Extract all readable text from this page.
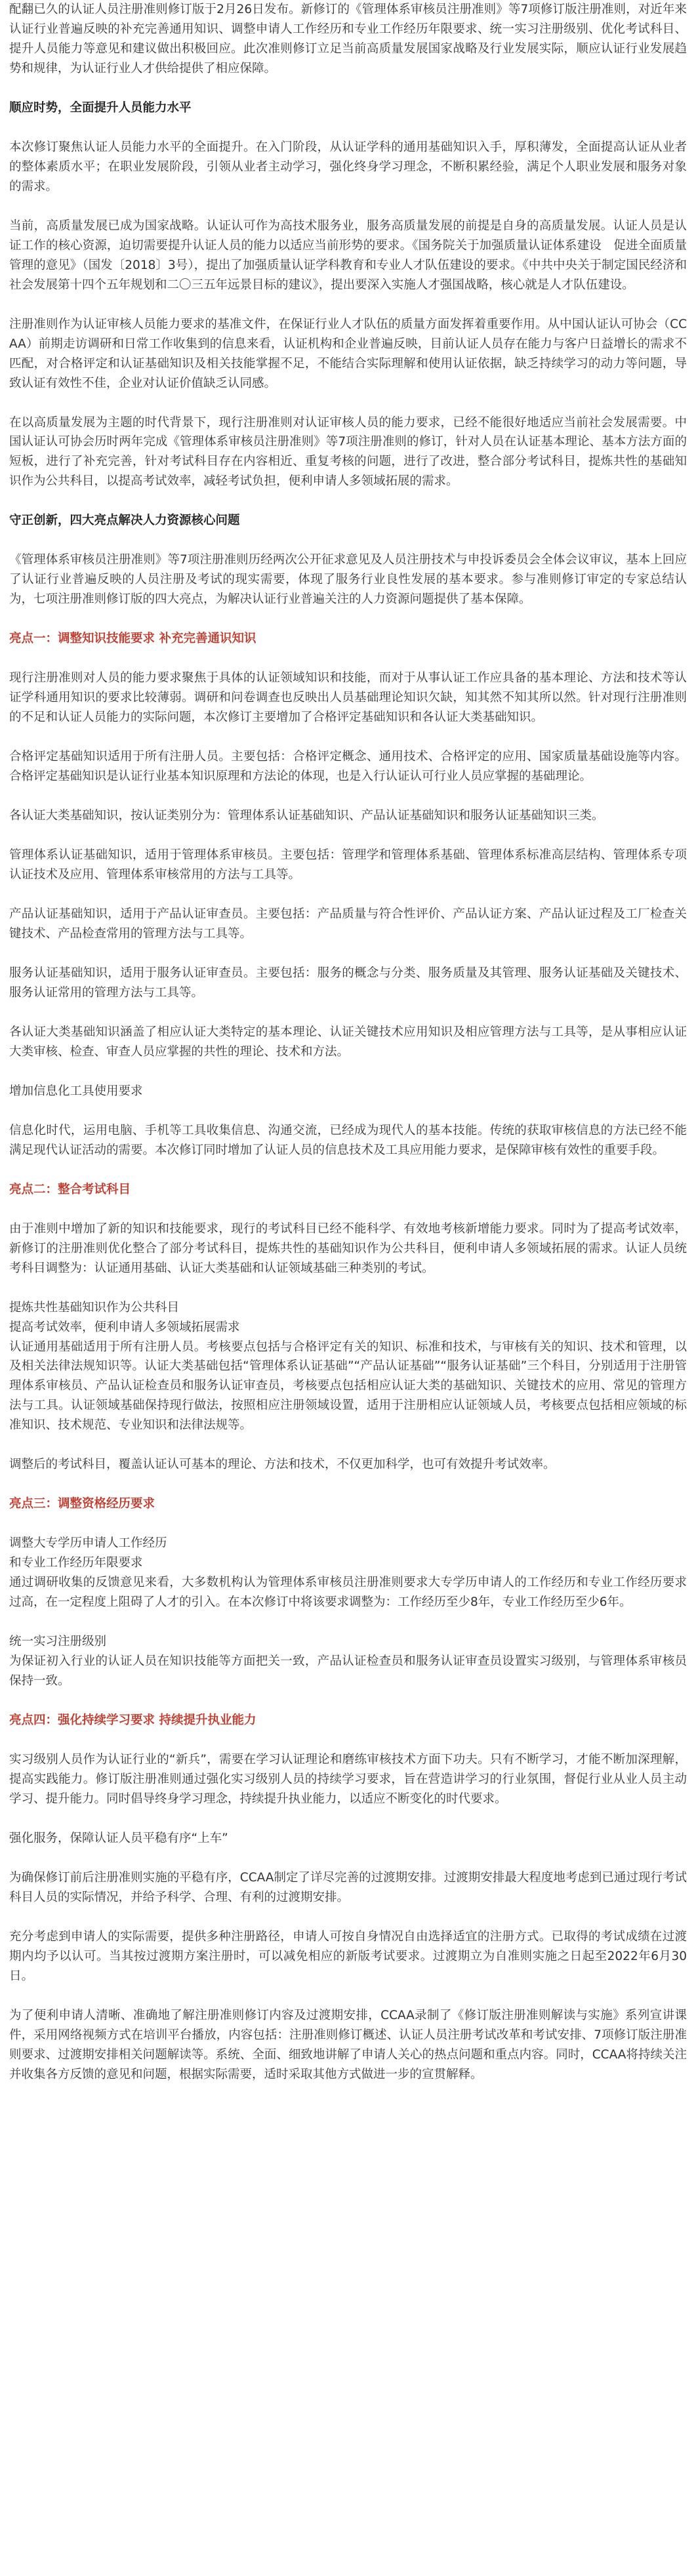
配翻已久的认证人员注册准则修订版于2月26日发布。新修订的《管理体系审核员注册准则》等7项修订版注册准则，对近年来认证行业普遍反映的补充完善通用知识、调整申请人工作经历和专业工作经历年限要求、统一实习注册级别、优化考试科目、提升人员能力等意见和建议做出积极回应。此次准则修订立足当前高质量发展国家战略及行业发展实际，顺应认证行业发展趋势和规律，为认证行业人才供给提供了相应保障。

顺应时势，全面提升人员能力水平

本次修订聚焦认证人员能力水平的全面提升。在入门阶段，从认证学科的通用基础知识入手，厚积薄发，全面提高认证从业者的整体素质水平；在职业发展阶段，引领从业者主动学习，强化终身学习理念，不断积累经验，满足个人职业发展和服务对象的需求。

当前，高质量发展已成为国家战略。认证认可作为高技术服务业，服务高质量发展的前提是自身的高质量发展。认证人员是认证工作的核心资源，迫切需要提升认证人员的能力以适应当前形势的要求。《国务院关于加强质量认证体系建设　促进全面质量管理的意见》（国发〔2018〕3号），提出了加强质量认证学科教育和专业人才队伍建设的要求。《中共中央关于制定国民经济和社会发展第十四个五年规划和二〇三五年远景目标的建议》，提出要深入实施人才强国战略，核心就是人才队伍建设。

注册准则作为认证审核人员能力要求的基准文件，在保证行业人才队伍的质量方面发挥着重要作用。从中国认证认可协会（CCAA）前期走访调研和日常工作收集到的信息来看，认证机构和企业普遍反映，目前认证人员存在能力与客户日益增长的需求不匹配，对合格评定和认证基础知识及相关技能掌握不足，不能结合实际理解和使用认证依据，缺乏持续学习的动力等问题，导致认证有效性不佳，企业对认证价值缺乏认同感。

在以高质量发展为主题的时代背景下，现行注册准则对认证审核人员的能力要求，已经不能很好地适应当前社会发展需要。中国认证认可协会历时两年完成《管理体系审核员注册准则》等7项注册准则的修订，针对人员在认证基本理论、基本方法方面的短板，进行了补充完善，针对考试科目存在内容相近、重复考核的问题，进行了改进，整合部分考试科目，提炼共性的基础知识作为公共科目，以提高考试效率，减轻考试负担，便利申请人多领域拓展的需求。

守正创新，四大亮点解决人力资源核心问题

《管理体系审核员注册准则》等7项注册准则历经两次公开征求意见及人员注册技术与申投诉委员会全体会议审议，基本上回应了认证行业普遍反映的人员注册及考试的现实需要，体现了服务行业良性发展的基本要求。参与准则修订审定的专家总结认为，七项注册准则修订版的四大亮点，为解决认证行业普遍关注的人力资源问题提供了基本保障。

亮点一：调整知识技能要求 补充完善通识知识

现行注册准则对人员的能力要求聚焦于具体的认证领域知识和技能，而对于从事认证工作应具备的基本理论、方法和技术等认证学科通用知识的要求比较薄弱。调研和问卷调查也反映出人员基础理论知识欠缺，知其然不知其所以然。针对现行注册准则的不足和认证人员能力的实际问题，本次修订主要增加了合格评定基础知识和各认证大类基础知识。

合格评定基础知识适用于所有注册人员。主要包括：合格评定概念、通用技术、合格评定的应用、国家质量基础设施等内容。合格评定基础知识是认证行业基本知识原理和方法论的体现，也是入行认证认可行业人员应掌握的基础理论。

各认证大类基础知识，按认证类别分为：管理体系认证基础知识、产品认证基础知识和服务认证基础知识三类。

管理体系认证基础知识，适用于管理体系审核员。主要包括：管理学和管理体系基础、管理体系标准高层结构、管理体系专项认证技术及应用、管理体系审核常用的方法与工具等。

产品认证基础知识，适用于产品认证审查员。主要包括：产品质量与符合性评价、产品认证方案、产品认证过程及工厂检查关键技术、产品检查常用的管理方法与工具等。

服务认证基础知识，适用于服务认证审查员。主要包括：服务的概念与分类、服务质量及其管理、服务认证基础及关键技术、服务认证常用的管理方法与工具等。

各认证大类基础知识涵盖了相应认证大类特定的基本理论、认证关键技术应用知识及相应管理方法与工具等，是从事相应认证大类审核、检查、审查人员应掌握的共性的理论、技术和方法。

增加信息化工具使用要求

信息化时代，运用电脑、手机等工具收集信息、沟通交流，已经成为现代人的基本技能。传统的获取审核信息的方法已经不能满足现代认证活动的需要。本次修订同时增加了认证人员的信息技术及工具应用能力要求，是保障审核有效性的重要手段。

亮点二：整合考试科目

由于准则中增加了新的知识和技能要求，现行的考试科目已经不能科学、有效地考核新增能力要求。同时为了提高考试效率，新修订的注册准则优化整合了部分考试科目，提炼共性的基础知识作为公共科目，便利申请人多领域拓展的需求。认证人员统考科目调整为：认证通用基础、认证大类基础和认证领域基础三种类别的考试。

提炼共性基础知识作为公共科目

提高考试效率，便利申请人多领域拓展需求

认证通用基础适用于所有注册人员。考核要点包括与合格评定有关的知识、标准和技术，与审核有关的知识、技术和管理，以及相关法律法规知识等。认证大类基础包括“管理体系认证基础”“产品认证基础”“服务认证基础”三个科目，分别适用于注册管理体系审核员、产品认证检查员和服务认证审查员，考核要点包括相应认证大类的基础知识、关键技术的应用、常见的管理方法与工具。认证领域基础保持现行做法，按照相应注册领域设置，适用于注册相应认证领域人员，考核要点包括相应领域的标准知识、技术规范、专业知识和法律法规等。

调整后的考试科目，覆盖认证认可基本的理论、方法和技术，不仅更加科学，也可有效提升考试效率。

亮点三：调整资格经历要求

调整大专学历申请人工作经历

和专业工作经历年限要求

通过调研收集的反馈意见来看，大多数机构认为管理体系审核员注册准则要求大专学历申请人的工作经历和专业工作经历要求过高，在一定程度上阻碍了人才的引入。在本次修订中将该要求调整为：工作经历至少8年，专业工作经历至少6年。

统一实习注册级别

为保证初入行业的认证人员在知识技能等方面把关一致，产品认证检查员和服务认证审查员设置实习级别，与管理体系审核员保持一致。

亮点四：强化持续学习要求 持续提升执业能力

实习级别人员作为认证行业的“新兵”，需要在学习认证理论和磨练审核技术方面下功夫。只有不断学习，才能不断加深理解，提高实践能力。修订版注册准则通过强化实习级别人员的持续学习要求，旨在营造讲学习的行业氛围，督促行业从业人员主动学习、提升能力。同时倡导终身学习理念，持续提升执业能力，以适应不断变化的时代要求。

强化服务，保障认证人员平稳有序“上车”

为确保修订前后注册准则实施的平稳有序，CCAA制定了详尽完善的过渡期安排。过渡期安排最大程度地考虑到已通过现行考试科目人员的实际情况，并给予科学、合理、有利的过渡期安排。

充分考虑到申请人的实际需要，提供多种注册路径，申请人可按自身情况自由选择适宜的注册方式。已取得的考试成绩在过渡期内均予以认可。当其按过渡期方案注册时，可以减免相应的新版考试要求。过渡期立为自准则实施之日起至2022年6月30日。

为了便利申请人清晰、准确地了解注册准则修订内容及过渡期安排，CCAA录制了《修订版注册准则解读与实施》系列宣讲课件，采用网络视频方式在培训平台播放，内容包括：注册准则修订概述、认证人员注册考试改革和考试安排、7项修订版注册准则要求、过渡期安排相关问题解读等。系统、全面、细致地讲解了申请人关心的热点问题和重点内容。同时，CCAA将持续关注并收集各方反馈的意见和问题，根据实际需要，适时采取其他方式做进一步的宣贯解释。
